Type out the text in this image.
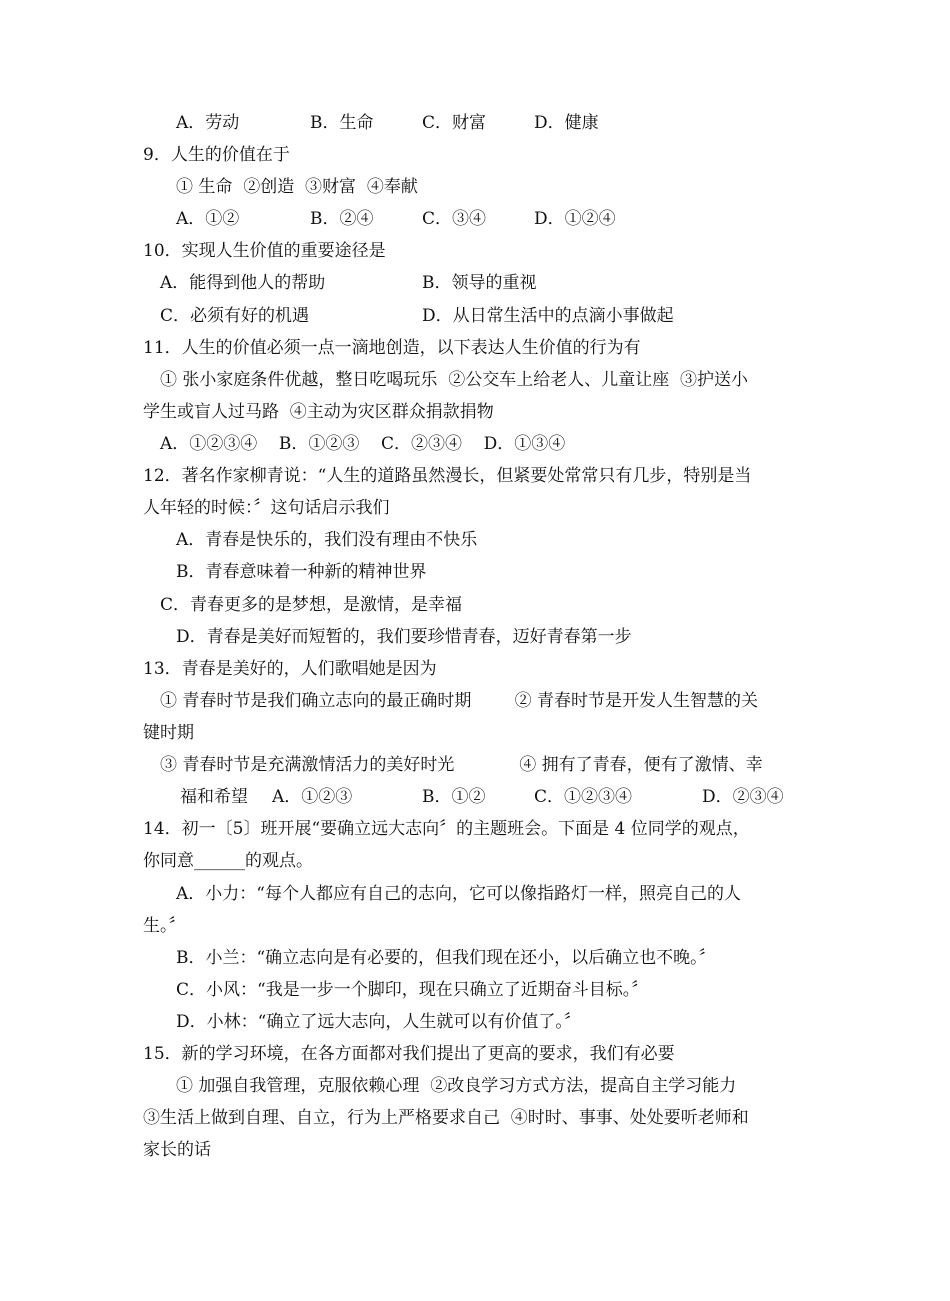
A．劳动	B．生命	C．财富	D．健康

9．人生的价值在于

① 生命  ②创造  ③财富  ④奉献

A．①②	B．②④	C．③④	D．①②④

10．实现人生价值的重要途径是

A．能得到他人的帮助	B．领导的重视
C．必须有好的机遇	D．从日常生活中的点滴小事做起

11．人生的价值必须一点一滴地创造，以下表达人生价值的行为有

① 张小家庭条件优越，整日吃喝玩乐  ②公交车上给老人、儿童让座  ③护送小

学生或盲人过马路  ④主动为灾区群众捐款捐物

A．①②③④    B．①②③    C．②③④    D．①③④

12．著名作家柳青说：“人生的道路虽然漫长，但紧要处常常只有几步，特别是当

人年轻的时候：〞这句话启示我们

A．青春是快乐的，我们没有理由不快乐

B．青春意味着一种新的精神世界

C．青春更多的是梦想，是激情，是幸福

D．青春是美好而短暂的，我们要珍惜青春，迈好青春第一步

13．青春是美好的，人们歌唱她是因为

① 青春时节是我们确立志向的最正确时期        ② 青春时节是开发人生智慧的关

键时期

③ 青春时节是充满激情活力的美好时光            ④ 拥有了青春，便有了激情、幸

福和希望 A．①②③	B．①②	C．①②③④	D．②③④

14．初一〔5〕班开展“要确立远大志向〞的主题班会。下面是 4 位同学的观点，

你同意______的观点。

A．小力：“每个人都应有自己的志向，它可以像指路灯一样，照亮自己的人

生。〞

B．小兰：“确立志向是有必要的，但我们现在还小，以后确立也不晚。〞

C．小风：“我是一步一个脚印，现在只确立了近期奋斗目标。〞

D．小林：“确立了远大志向，人生就可以有价值了。〞

15．新的学习环境，在各方面都对我们提出了更高的要求，我们有必要

① 加强自我管理，克服依赖心理  ②改良学习方式方法，提高自主学习能力

③生活上做到自理、自立，行为上严格要求自己  ④时时、事事、处处要听老师和

家长的话
